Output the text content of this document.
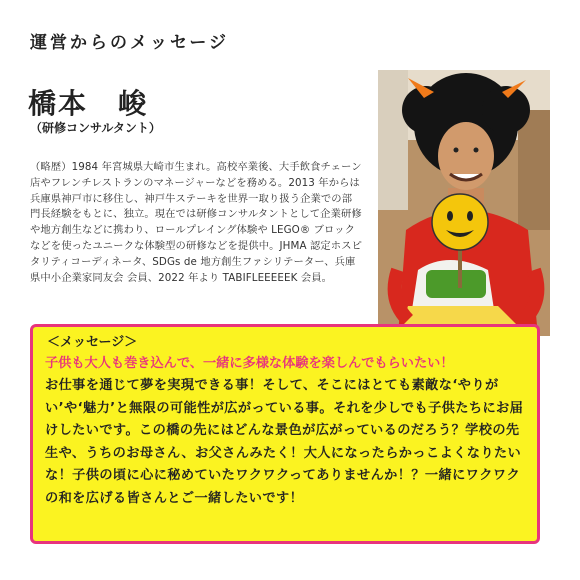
運営からのメッセージ
橋本　峻
（研修コンサルタント）

（略歴）1984 年宮城県大崎市生まれ。高校卒業後、大手飲食チェーン店やフレンチレストランのマネージャーなどを務める。2013 年からは兵庫県神戸市に移住し、神戸牛ステーキを世界一取り扱う企業での部門長経験をもとに、独立。現在では研修コンサルタントとして企業研修や地方創生などに携わり、ロールプレイング体験や LEGO® ブロックなどを使ったユニークな体験型の研修などを提供中。JHMA 認定ホスピタリティコーディネータ、SDGs de 地方創生ファシリテーター、兵庫県中小企業家同友会 会員、2022 年より TABIFLEEEEEK 会員。

＜メッセージ＞

子供も大人も巻き込んで、一緒に多様な体験を楽しんでもらいたい！

お仕事を通じて夢を実現できる事！そして、そこにはとても素敵な‘やりがい’や‘魅力’と無限の可能性が広がっている事。それを少しでも子供たちにお届けしたいです。この橋の先にはどんな景色が広がっているのだろう？学校の先生や、うちのお母さん、お父さんみたく！大人になったらかっこよくなりたいな！子供の頃に心に秘めていたワクワクってありませんか！？一緒にワクワクの和を広げる皆さんとご一緒したいです！
